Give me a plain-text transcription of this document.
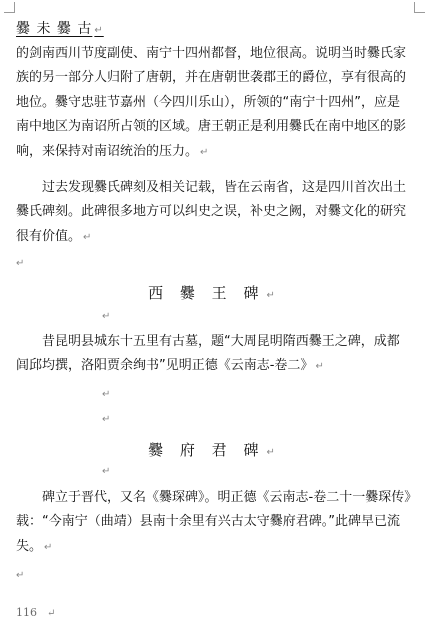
爨 未 爨 古 ↵

的剑南西川节度副使、南宁十四州都督，地位很高。说明当时爨氏家族的另一部分人归附了唐朝，并在唐朝世袭郡王的爵位，享有很高的地位。爨守忠驻节嘉州（今四川乐山），所领的“南宁十四州”，应是南中地区为南诏所占领的区域。唐王朝正是利用爨氏在南中地区的影响，来保持对南诏统治的压力。 ↵

过去发现爨氏碑刻及相关记载，皆在云南省，这是四川首次出土爨氏碑刻。此碑很多地方可以纠史之误，补史之阙，对爨文化的研究很有价值。 ↵

↵
西 爨 王 碑 ↵
↵

昔昆明县城东十五里有古墓，题“大周昆明隋西爨王之碑，成都闾邱均撰，洛阳贾余绚书”见明正德《云南志-卷二》 ↵

↵
↵
爨 府 君 碑 ↵
↵

碑立于晋代，又名《爨琛碑》。明正德《云南志-卷二十一爨琛传》载：“今南宁（曲靖）县南十余里有兴古太守爨府君碑。”此碑早已流失。 ↵

↵
116 ↵
